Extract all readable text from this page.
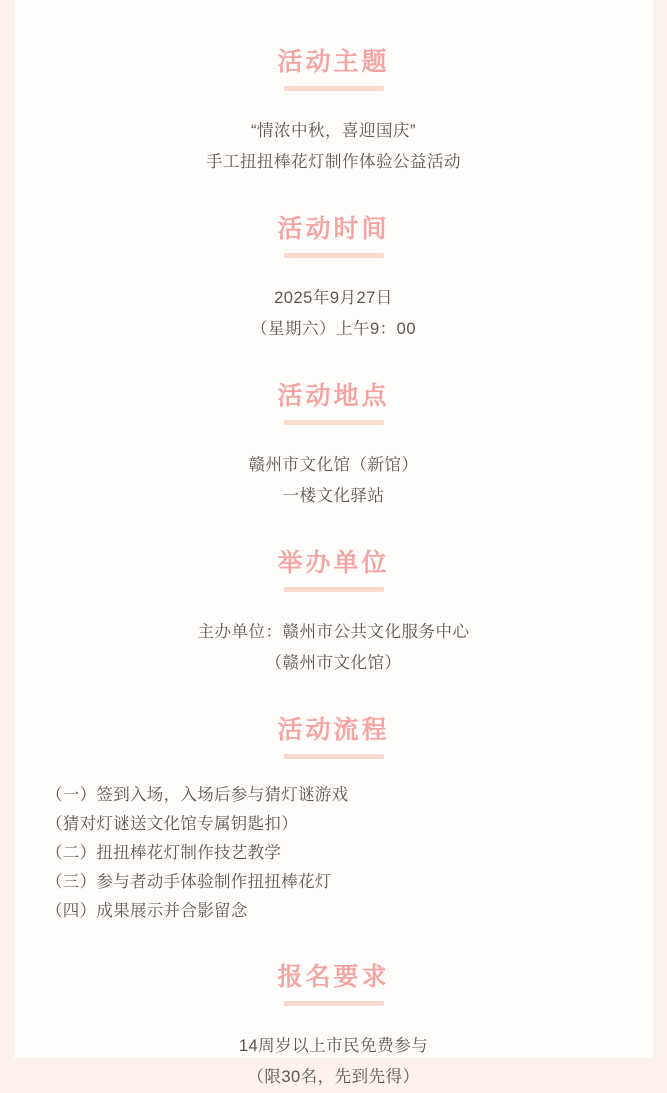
活动主题
“情浓中秋，喜迎国庆”
手工扭扭棒花灯制作体验公益活动
活动时间
2025年9月27日
（星期六）上午9：00
活动地点
赣州市文化馆（新馆）
一楼文化驿站
举办单位
主办单位：赣州市公共文化服务中心
（赣州市文化馆）
活动流程
（一）签到入场，入场后参与猜灯谜游戏
（猜对灯谜送文化馆专属钥匙扣）
（二）扭扭棒花灯制作技艺教学
（三）参与者动手体验制作扭扭棒花灯
（四）成果展示并合影留念
报名要求
14周岁以上市民免费参与
（限30名，先到先得）
